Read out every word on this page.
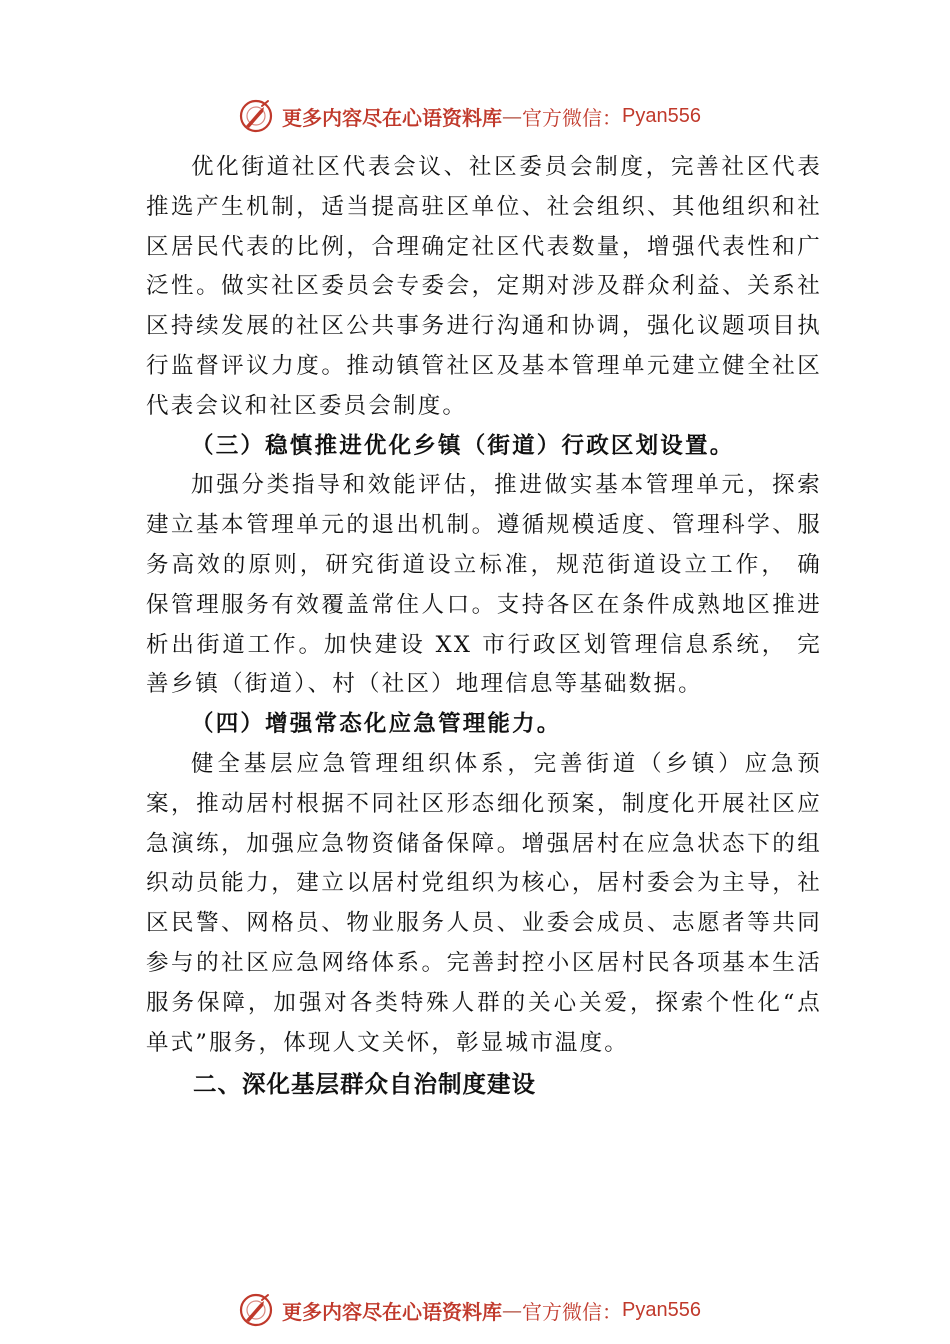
更多内容尽在心语资料库 — 官方微信： Pyan556

优化街道社区代表会议、社区委员会制度，完善社区代表推选产生机制，适当提高驻区单位、社会组织、其他组织和社区居民代表的比例，合理确定社区代表数量，增强代表性和广泛性。做实社区委员会专委会，定期对涉及群众利益、关系社区持续发展的社区公共事务进行沟通和协调，强化议题项目执行监督评议力度。推动镇管社区及基本管理单元建立健全社区代表会议和社区委员会制度。

（三）稳慎推进优化乡镇（街道）行政区划设置。

加强分类指导和效能评估，推进做实基本管理单元，探索建立基本管理单元的退出机制。遵循规模适度、管理科学、服务高效的原则，研究街道设立标准，规范街道设立工作， 确保管理服务有效覆盖常住人口。支持各区在条件成熟地区推进析出街道工作。加快建设 XX 市行政区划管理信息系统， 完善乡镇（街道）、村（社区）地理信息等基础数据。

（四）增强常态化应急管理能力。

健全基层应急管理组织体系，完善街道（乡镇）应急预案，推动居村根据不同社区形态细化预案，制度化开展社区应急演练，加强应急物资储备保障。增强居村在应急状态下的组织动员能力，建立以居村党组织为核心，居村委会为主导，社区民警、网格员、物业服务人员、业委会成员、志愿者等共同参与的社区应急网络体系。完善封控小区居村民各项基本生活服务保障，加强对各类特殊人群的关心关爱，探索个性化“点单式”服务，体现人文关怀，彰显城市温度。

二、深化基层群众自治制度建设

更多内容尽在心语资料库 — 官方微信： Pyan556
